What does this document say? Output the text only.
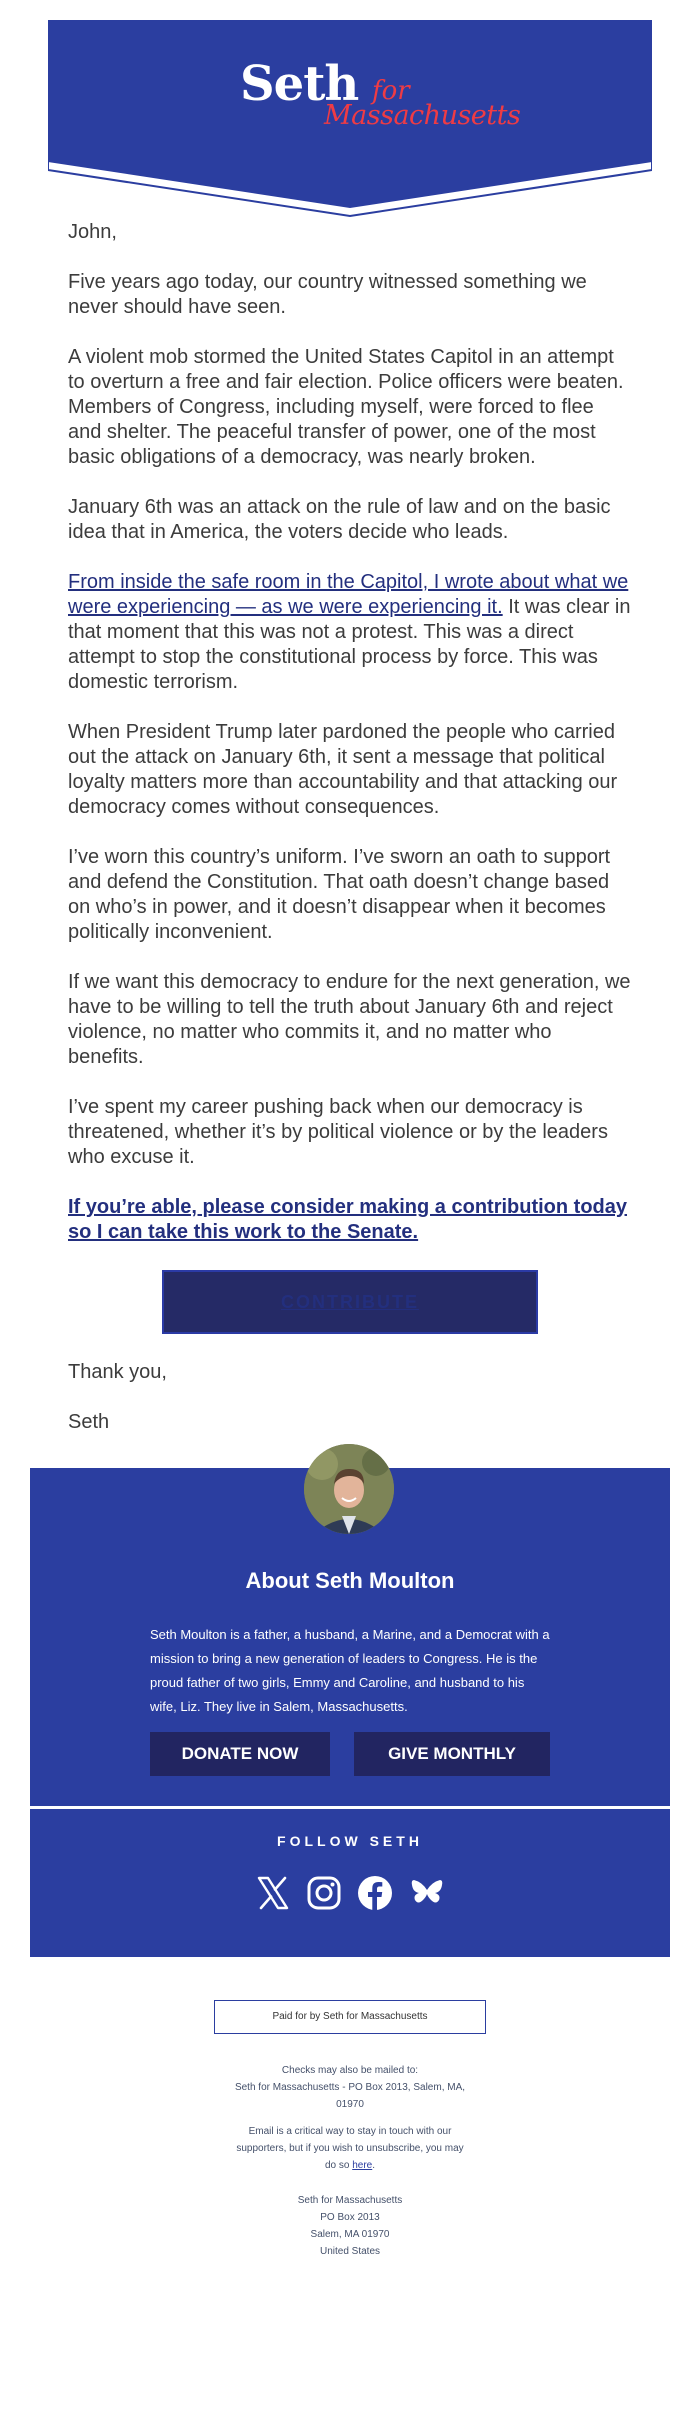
Seth for
Massachusetts

John,

Five years ago today, our country witnessed something we never should have seen.

A violent mob stormed the United States Capitol in an attempt to overturn a free and fair election. Police officers were beaten. Members of Congress, including myself, were forced to flee and shelter. The peaceful transfer of power, one of the most basic obligations of a democracy, was nearly broken.

January 6th was an attack on the rule of law and on the basic idea that in America, the voters decide who leads.

From inside the safe room in the Capitol, I wrote about what we were experiencing — as we were experiencing it. It was clear in that moment that this was not a protest. This was a direct attempt to stop the constitutional process by force. This was domestic terrorism.

When President Trump later pardoned the people who carried out the attack on January 6th, it sent a message that political loyalty matters more than accountability and that attacking our democracy comes without consequences.

I’ve worn this country’s uniform. I’ve sworn an oath to support and defend the Constitution. That oath doesn’t change based on who’s in power, and it doesn’t disappear when it becomes politically inconvenient.

If we want this democracy to endure for the next generation, we have to be willing to tell the truth about January 6th and reject violence, no matter who commits it, and no matter who benefits.

I’ve spent my career pushing back when our democracy is threatened, whether it’s by political violence or by the leaders who excuse it.

If you’re able, please consider making a contribution today so I can take this work to the Senate.

CONTRIBUTE

Thank you,

Seth

About Seth Moulton
Seth Moulton is a father, a husband, a Marine, and a Democrat with a mission to bring a new generation of leaders to Congress. He is the proud father of two girls, Emmy and Caroline, and husband to his wife, Liz. They live in Salem, Massachusetts.
DONATE NOW	GIVE MONTHLY
FOLLOW SETH
Paid for by Seth for Massachusetts

Checks may also be mailed to:
Seth for Massachusetts - PO Box 2013, Salem, MA, 01970

Email is a critical way to stay in touch with our supporters, but if you wish to unsubscribe, you may do so here.

Seth for Massachusetts
PO Box 2013
Salem, MA 01970
United States
